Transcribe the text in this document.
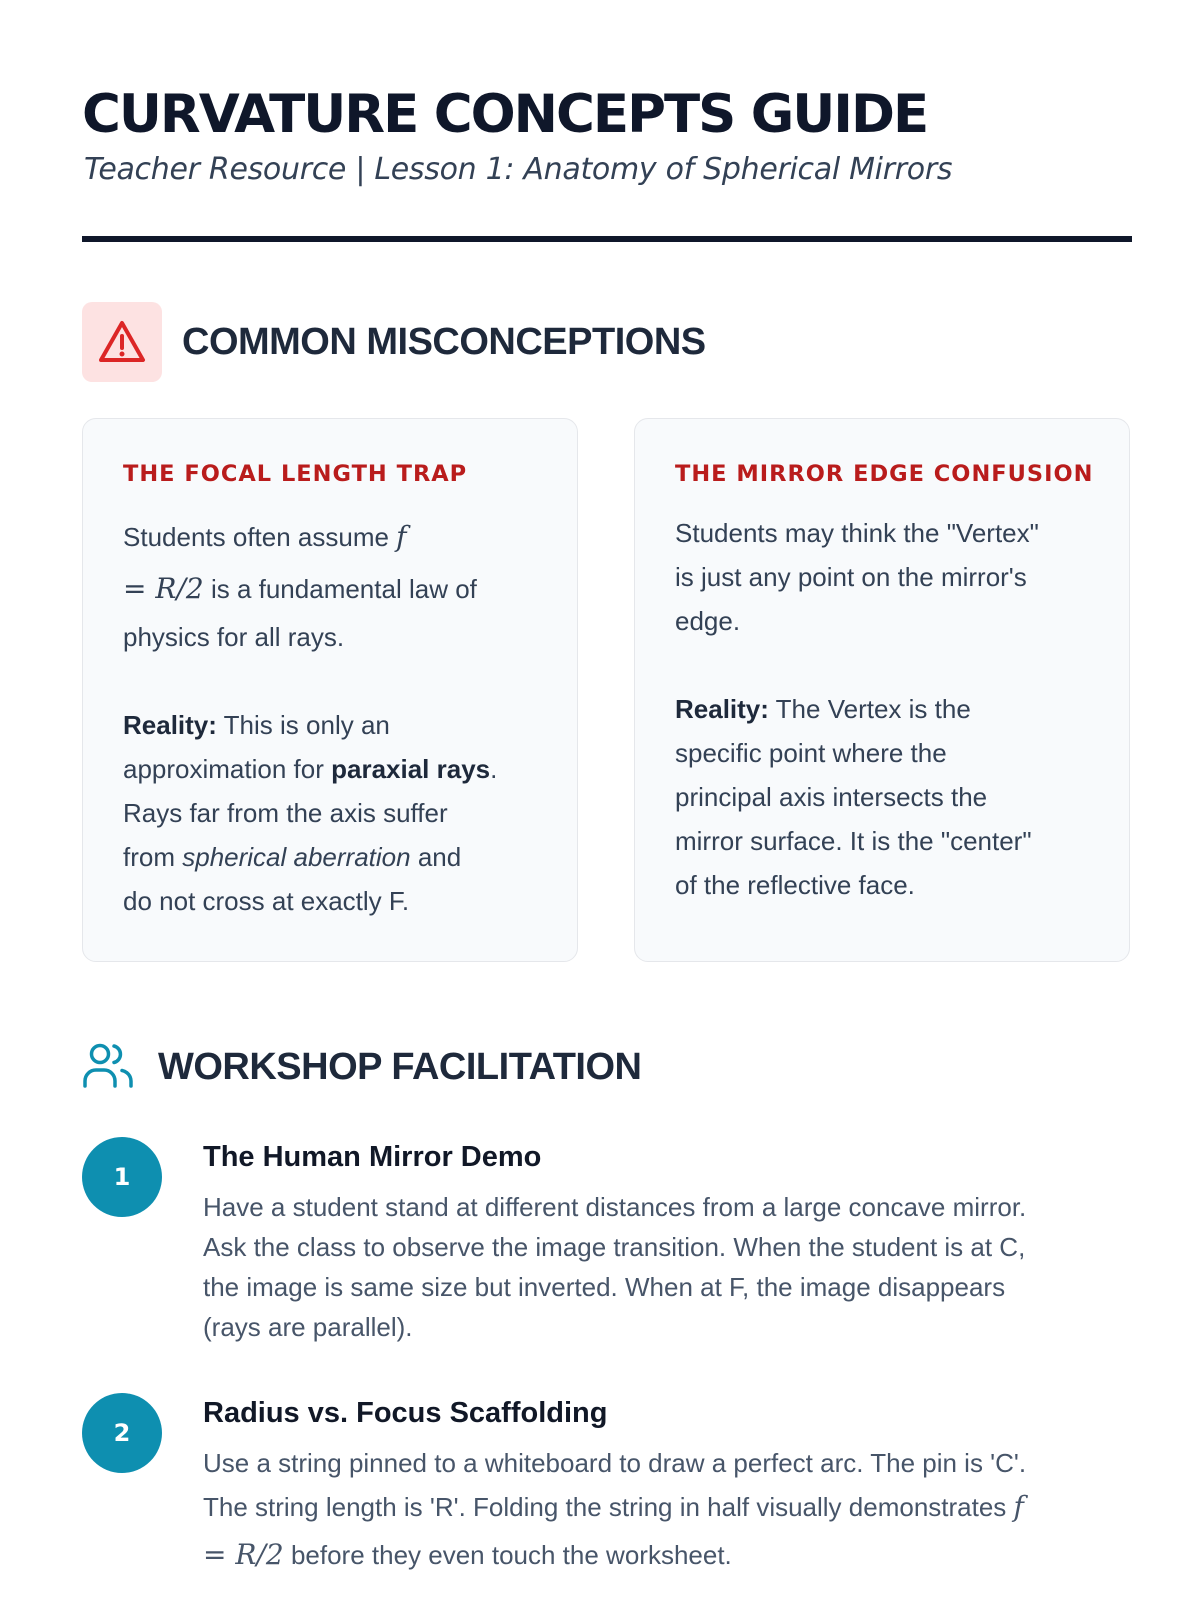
CURVATURE CONCEPTS GUIDE
Teacher Resource | Lesson 1: Anatomy of Spherical Mirrors
COMMON MISCONCEPTIONS
THE FOCAL LENGTH TRAP
Students often assume f
= R/2 is a fundamental law of
physics for all rays.
Reality: This is only an
approximation for paraxial rays.
Rays far from the axis suffer
from spherical aberration and
do not cross at exactly F.
THE MIRROR EDGE CONFUSION
Students may think the "Vertex"
is just any point on the mirror's
edge.
Reality: The Vertex is the
specific point where the
principal axis intersects the
mirror surface. It is the "center"
of the reflective face.
WORKSHOP FACILITATION
1
The Human Mirror Demo
Have a student stand at different distances from a large concave mirror.
Ask the class to observe the image transition. When the student is at C,
the image is same size but inverted. When at F, the image disappears
(rays are parallel).
2
Radius vs. Focus Scaffolding
Use a string pinned to a whiteboard to draw a perfect arc. The pin is 'C'.
The string length is 'R'. Folding the string in half visually demonstrates f
= R/2 before they even touch the worksheet.
